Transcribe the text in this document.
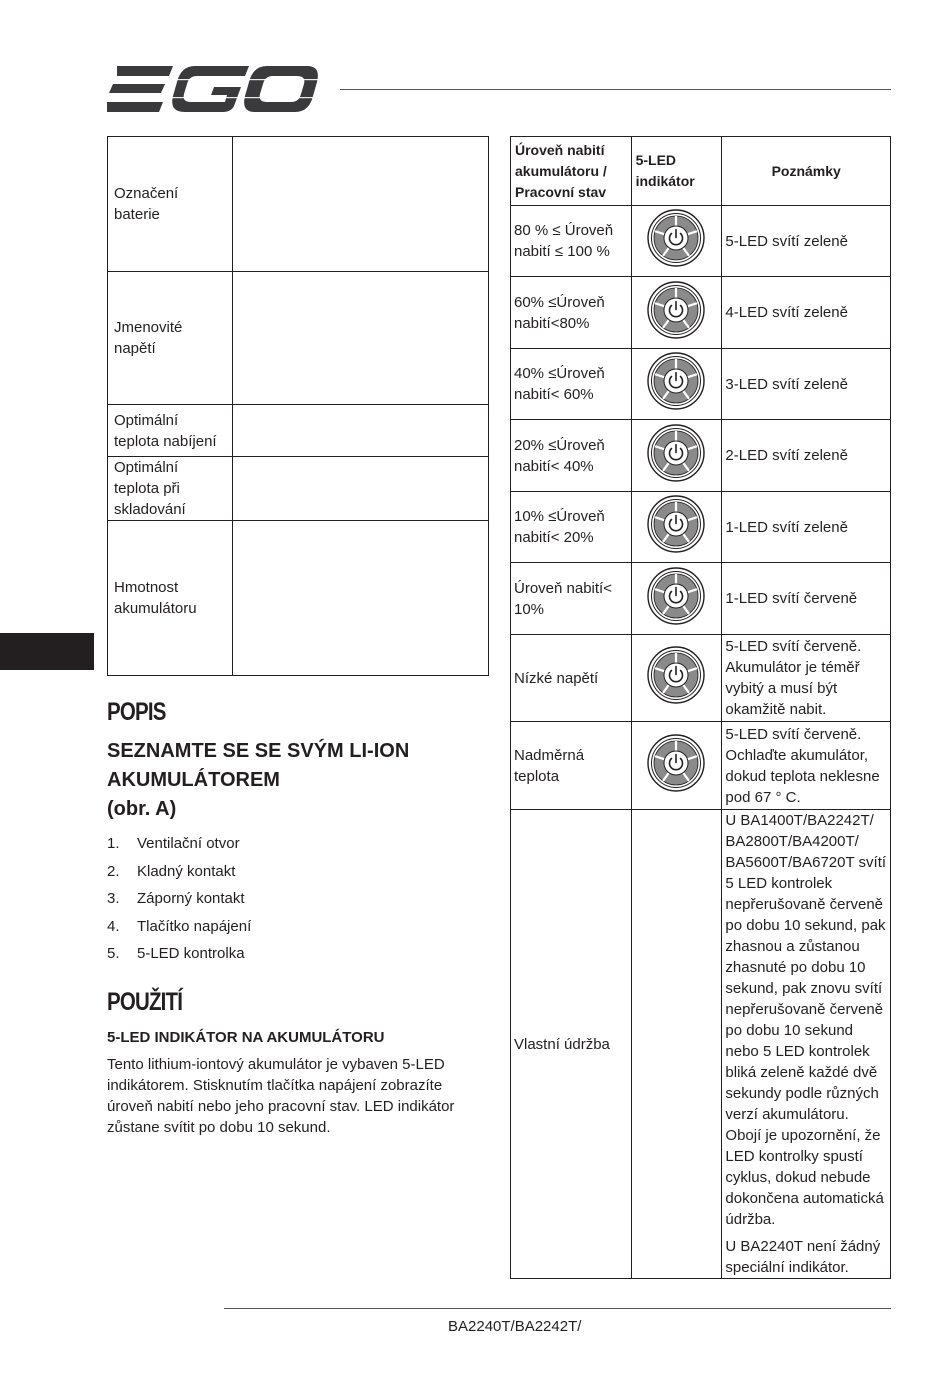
Označení baterie	
Jmenovité napětí	
Optimální teplota nabíjení	
Optimální teplota při skladování	
Hmotnost akumulátoru	
Úroveň nabití akumulátoru / Pracovní stav	5-LED indikátor	Poznámky
80 % ≤ Úroveň nabití ≤ 100 %		5-LED svítí zeleně
60% ≤Úroveň nabití<80%		4-LED svítí zeleně
40% ≤Úroveň nabití< 60%		3-LED svítí zeleně
20% ≤Úroveň nabití< 40%		2-LED svítí zeleně
10% ≤Úroveň nabití< 20%		1-LED svítí zeleně
Úroveň nabití< 10%		1-LED svítí červeně
Nízké napětí		5-LED svítí červeně. Akumulátor je téměř vybitý a musí být okamžitě nabit.
Nadměrná teplota		5-LED svítí červeně. Ochlaďte akumulátor, dokud teplota neklesne pod 67 ° C.
Vlastní údržba		U BA1400T/BA2242T/ BA2800T/BA4200T/ BA5600T/BA6720T svítí 5 LED kontrolek nepřerušovaně červeně po dobu 10 sekund, pak zhasnou a zůstanou zhasnuté po dobu 10 sekund, pak znovu svítí nepřerušovaně červeně po dobu 10 sekund nebo 5 LED kontrolek bliká zeleně každé dvě sekundy podle různých verzí akumulátoru. Obojí je upozornění, že LED kontrolky spustí cyklus, dokud nebude dokončena automatická údržba.

U BA2240T není žádný speciální indikátor.

POPIS
SEZNAMTE SE SE SVÝM LI-ION AKUMULÁTOREM
(obr. A)
1. Ventilační otvor
2. Kladný kontakt
3. Záporný kontakt
4. Tlačítko napájení
5. 5-LED kontrolka
POUŽITÍ
5-LED INDIKÁTOR NA AKUMULÁTORU

Tento lithium-iontový akumulátor je vybaven 5-LED indikátorem. Stisknutím tlačítka napájení zobrazíte úroveň nabití nebo jeho pracovní stav. LED indikátor zůstane svítit po dobu 10 sekund.

BA2240T/BA2242T/
